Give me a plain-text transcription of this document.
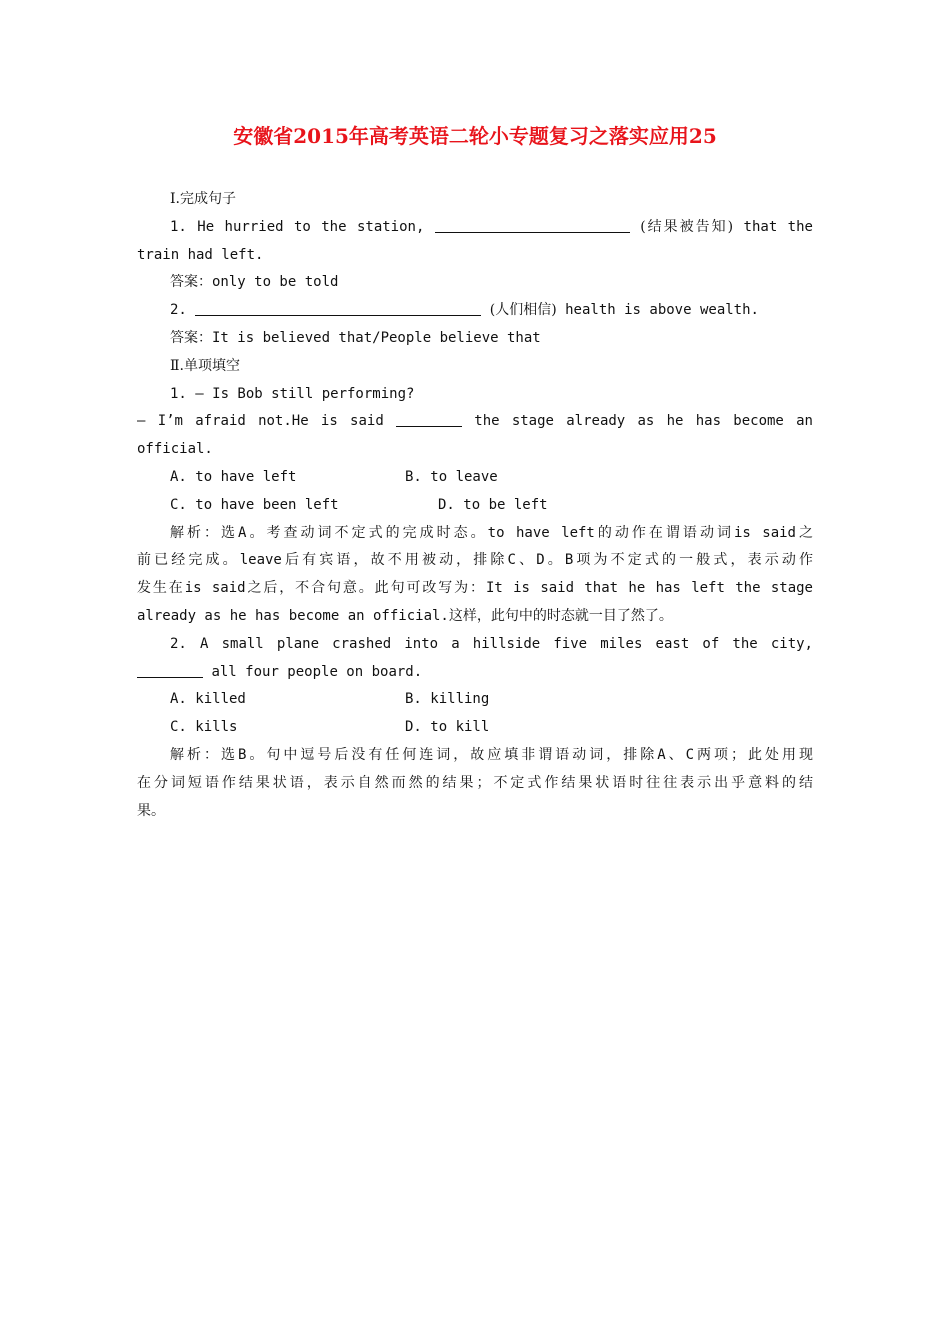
安徽省2015年高考英语二轮小专题复习之落实应用25
Ⅰ.完成句子
1. He hurried to the station,	(结果被告知) that the
train had left.
答案：only to be told
2.	(人们相信) health is above wealth.
答案：It is believed that/People believe that
Ⅱ.单项填空
1. — Is Bob still performing?
— I’m afraid not.He is said	the stage already as he has become an
official.
A. to have left	B. to leave
C. to have been left	D. to be left
解析：选A。考查动词不定式的完成时态。to have left的动作在谓语动词is said之
前已经完成。leave后有宾语，故不用被动，排除C、D。B项为不定式的一般式，表示动作
发生在is said之后，不合句意。此句可改写为：It is said that he has left the stage
already as he has become an official.这样，此句中的时态就一目了然了。
2. A small plane crashed into a hillside five miles east of the city,
all four people on board.
A. killed	B. killing
C. kills	D. to kill
解析：选B。句中逗号后没有任何连词，故应填非谓语动词，排除A、C两项；此处用现
在分词短语作结果状语，表示自然而然的结果；不定式作结果状语时往往表示出乎意料的结
果。
